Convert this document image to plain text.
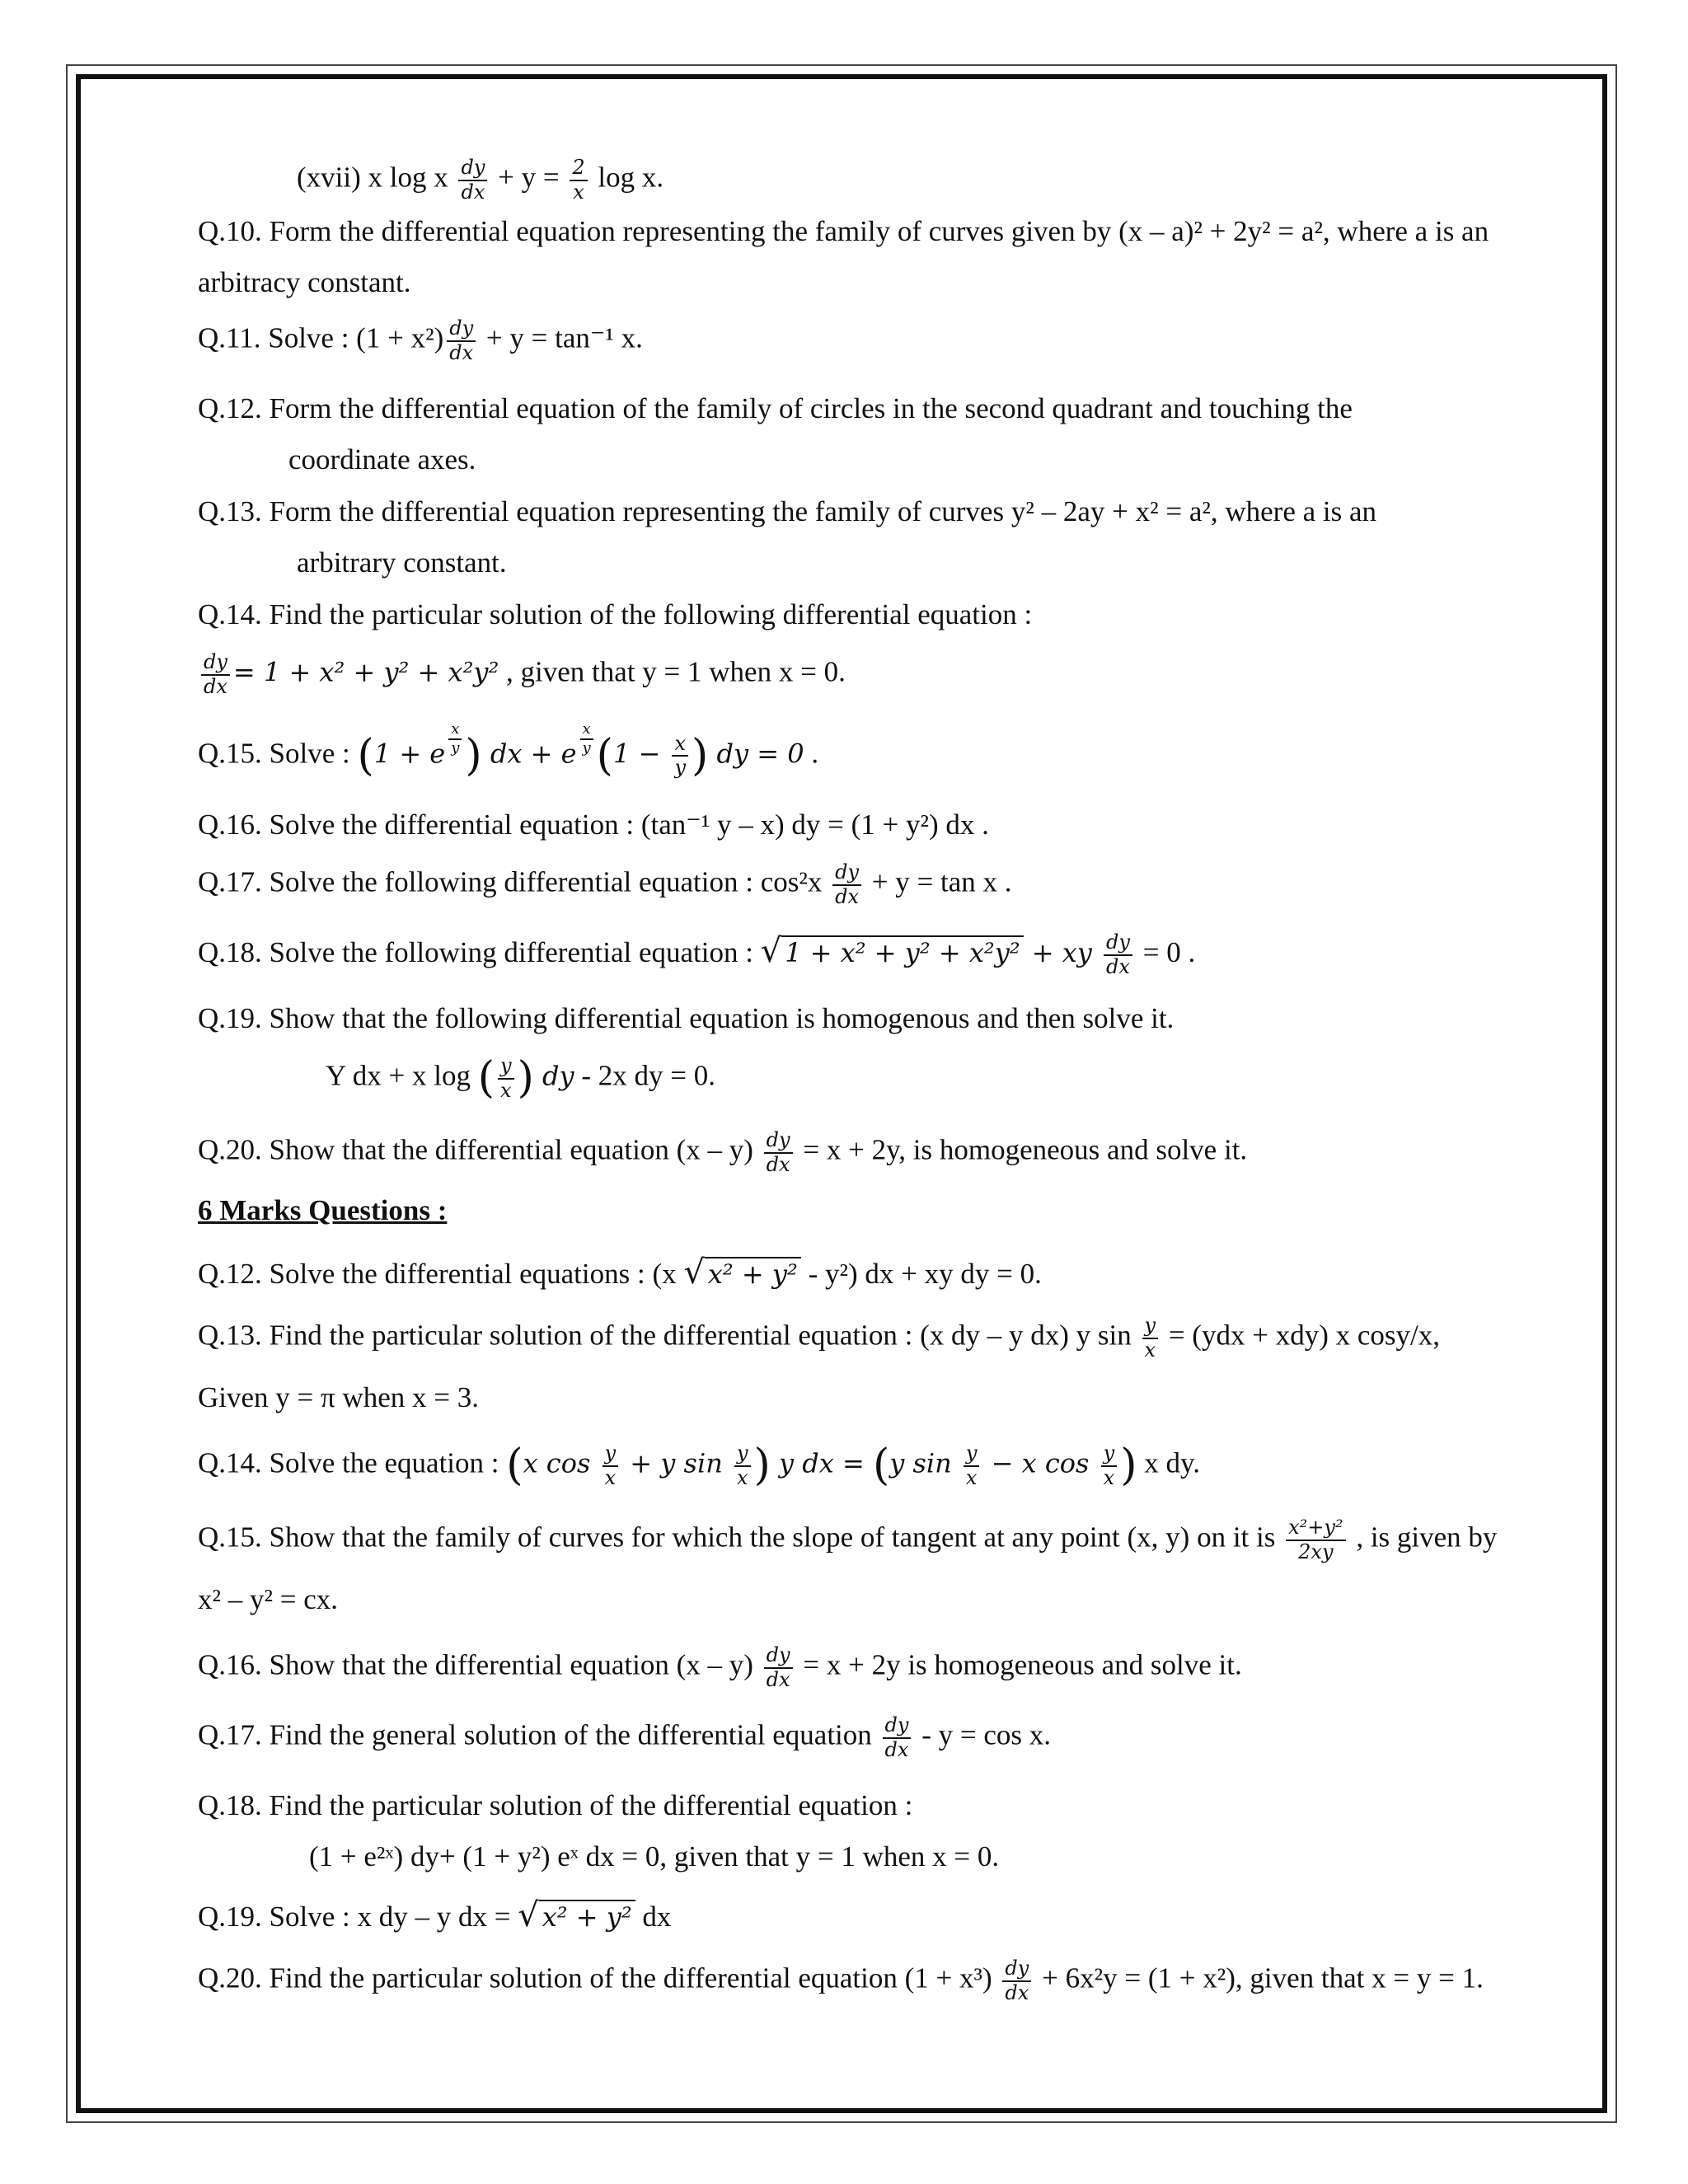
(xvii) x log x $\frac{dy}{dx} + y = \frac{2}{x}$ log x.
Q.10. Form the differential equation representing the family of curves given by (x – a)² + 2y² = a², where a is an
arbitracy constant.
Q.11. Solve : $(1 + x^2) \frac{dy}{dx} + y = \tan^{-1}$ x.
Q.12. Form the differential equation of the family of circles in the second quadrant and touching the
coordinate axes.
Q.13. Form the differential equation representing the family of curves y² – 2ay + x² = a², where a is an
arbitrary constant.
Q.14. Find the particular solution of the following differential equation :
$\frac{dy}{dx} = 1 + x^2 + y^2 + x^2y^2$ , given that y = 1 when x = 0.
Q.15. Solve : (1 + e $\frac{x}{y}$ ) dx + e $\frac{x}{y} (1 - \frac{x}{y}$ ) dy = 0 .
Q.16. Solve the differential equation : (tan⁻¹ y – x) dy = (1 + y²) dx .
Q.17. Solve the following differential equation : $\cos^2x \frac{dy}{dx} + y = \tan x$ .
Q.18. Solve the following differential equation : √ 1 + x² + y² + x²y² + xy $\frac{dy}{dx} = 0$ .
Q.19. Show that the following differential equation is homogenous and then solve it.
Y dx + x log ( $\frac{y}{x}$ ) dy - 2x dy = 0.
Q.20. Show that the differential equation $(x - y) \frac{dy}{dx} = x + 2y$, is homogeneous and solve it.
6 Marks Questions :
Q.12. Solve the differential equations : (x √ x² + y² - y²) dx + xy dy = 0.
Q.13. Find the particular solution of the differential equation : (x dy – y dx) y $\sin \frac{y}{x} = (ydx + xdy)$ x cosy/x,
Given y = π when x = 3.
Q.14. Solve the equation : (x $\cos \frac{y}{x} + y$ $\sin \frac{y}{x}$ ) y dx = (y $\sin \frac{y}{x} - x$ $\cos \frac{y}{x}$ ) x dy.
Q.15. Show that the family of curves for which the slope of tangent at any point (x, y) on it is $\frac{\text{x²+y²}}{2xy}$ , is given by
x² – y² = cx.
Q.16. Show that the differential equation $(x - y) \frac{dy}{dx} = x + 2y$ is homogeneous and solve it.
Q.17. Find the general solution of the differential equation $\frac{dy}{dx} - y = \cos x$.
Q.18. Find the particular solution of the differential equation :
(1 + e²ˣ) dy+ (1 + y²) eˣ dx = 0, given that y = 1 when x = 0.
Q.19. Solve : x dy – y dx = √ x² + y² dx
Q.20. Find the particular solution of the differential equation $(1 + x^3) \frac{dy}{dx} + 6x^2y = (1 + x^2)$, given that x = y = 1.
